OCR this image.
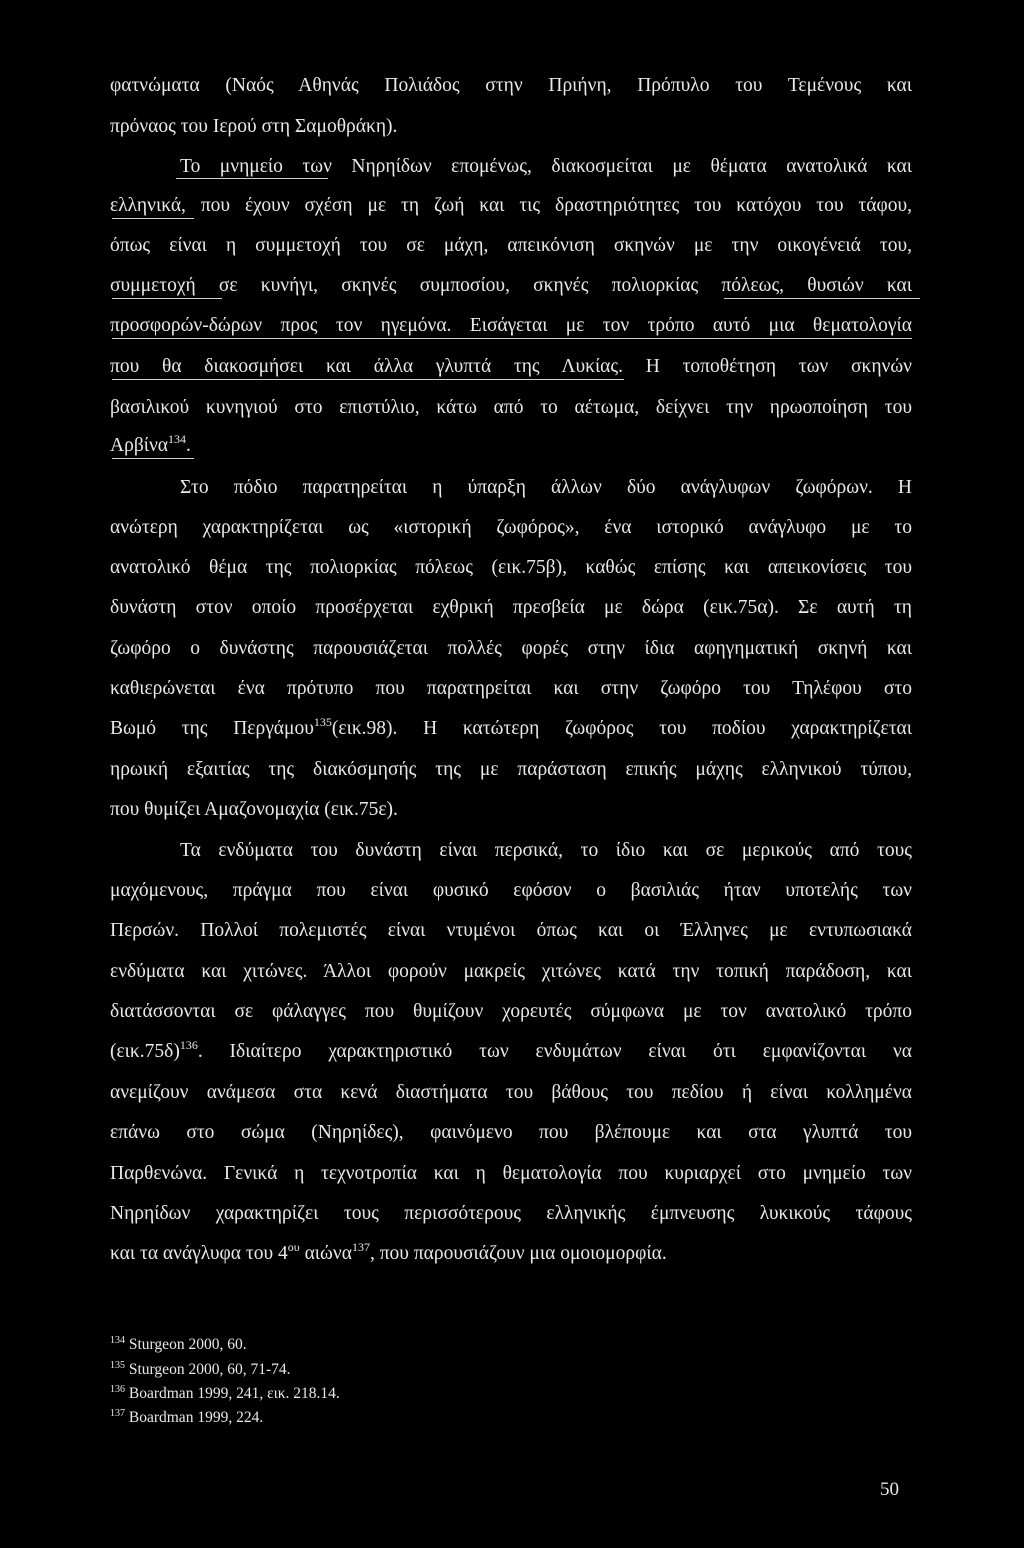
φατνώματα (Ναός Αθηνάς Πολιάδος στην Πριήνη, Πρόπυλο του Τεμένους και
πρόναος του Ιερού στη Σαμοθράκη).
Το μνημείο των Νηρηίδων επομένως, διακοσμείται με θέματα ανατολικά και
ελληνικά, που έχουν σχέση με τη ζωή και τις δραστηριότητες του κατόχου του τάφου,
όπως είναι η συμμετοχή του σε μάχη, απεικόνιση σκηνών με την οικογένειά του,
συμμετοχή σε κυνήγι, σκηνές συμποσίου, σκηνές πολιορκίας πόλεως, θυσιών και
προσφορών-δώρων προς τον ηγεμόνα. Εισάγεται με τον τρόπο αυτό μια θεματολογία
που θα διακοσμήσει και άλλα γλυπτά της Λυκίας. Η τοποθέτηση των σκηνών
βασιλικού κυνηγιού στο επιστύλιο, κάτω από το αέτωμα, δείχνει την ηρωοποίηση του
Αρβίνα$^{134}$.
Στο πόδιο παρατηρείται η ύπαρξη άλλων δύο ανάγλυφων ζωφόρων. Η
ανώτερη χαρακτηρίζεται ως «ιστορική ζωφόρος», ένα ιστορικό ανάγλυφο με το
ανατολικό θέμα της πολιορκίας πόλεως (εικ.75β), καθώς επίσης και απεικονίσεις του
δυνάστη στον οποίο προσέρχεται εχθρική πρεσβεία με δώρα (εικ.75α). Σε αυτή τη
ζωφόρο ο δυνάστης παρουσιάζεται πολλές φορές στην ίδια αφηγηματική σκηνή και
καθιερώνεται ένα πρότυπο που παρατηρείται και στην ζωφόρο του Τηλέφου στο
Βωμό της Περγάμου$^{135}$(εικ.98). Η κατώτερη ζωφόρος του ποδίου χαρακτηρίζεται
ηρωική εξαιτίας της διακόσμησής της με παράσταση επικής μάχης ελληνικού τύπου,
που θυμίζει Αμαζονομαχία (εικ.75ε).
Τα ενδύματα του δυνάστη είναι περσικά, το ίδιο και σε μερικούς από τους
μαχόμενους, πράγμα που είναι φυσικό εφόσον ο βασιλιάς ήταν υποτελής των
Περσών. Πολλοί πολεμιστές είναι ντυμένοι όπως και οι Έλληνες με εντυπωσιακά
ενδύματα και χιτώνες. Άλλοι φορούν μακρείς χιτώνες κατά την τοπική παράδοση, και
διατάσσονται σε φάλαγγες που θυμίζουν χορευτές σύμφωνα με τον ανατολικό τρόπο
$(\varepsilon\iota\kappa.75\delta)^{136}$. Ιδιαίτερο χαρακτηριστικό των ενδυμάτων είναι ότι εμφανίζονται να
ανεμίζουν ανάμεσα στα κενά διαστήματα του βάθους του πεδίου ή είναι κολλημένα
επάνω στο σώμα (Νηρηίδες), φαινόμενο που βλέπουμε και στα γλυπτά του
Παρθενώνα. Γενικά η τεχνοτροπία και η θεματολογία που κυριαρχεί στο μνημείο των
Νηρηίδων χαρακτηρίζει τους περισσότερους ελληνικής έμπνευσης λυκικούς τάφους
και τα ανάγλυφα του $4^{o\upsilon}$ αιώνα$^{137}$, που παρουσιάζουν μια ομοιομορφία.
$^{134}$ Sturgeon 2000, 60.
$^{135}$ Sturgeon 2000, 60, 71-74.
$^{136}$ Boardman 1999, 241, εικ. 218.14.
$^{137}$ Boardman 1999, 224.
50
